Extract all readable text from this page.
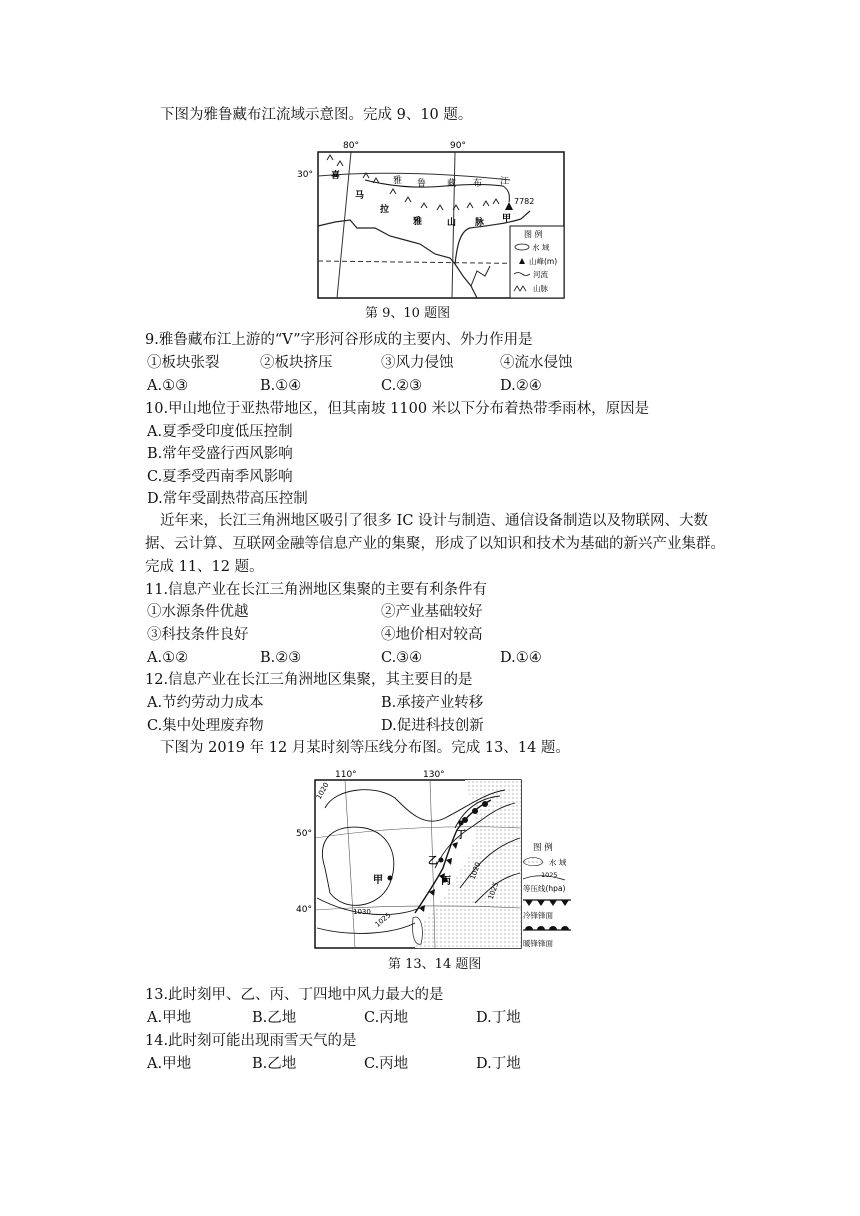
下图为雅鲁藏布江流域示意图。完成 9、10 题。
80°	90°
30°
雅 鲁 藏 布 江
喜
马
拉
雅	山 脉
7782
甲
图 例
水 域
山峰(m)
河流
山脉
第 9、10 题图
9.雅鲁藏布江上游的“V”字形河谷形成的主要内、外力作用是
①板块张裂	②板块挤压	③风力侵蚀	④流水侵蚀
A.①③	B.①④	C.②③	D.②④
10.甲山地位于亚热带地区，但其南坡 1100 米以下分布着热带季雨林，原因是
A.夏季受印度低压控制
B.常年受盛行西风影响
C.夏季受西南季风影响
D.常年受副热带高压控制
近年来，长江三角洲地区吸引了很多 IC 设计与制造、通信设备制造以及物联网、大数
据、云计算、互联网金融等信息产业的集聚，形成了以知识和技术为基础的新兴产业集群。
完成 11、12 题。
11.信息产业在长江三角洲地区集聚的主要有利条件有
①水源条件优越	②产业基础较好
③科技条件良好	④地价相对较高
A.①②	B.②③	C.③④	D.①④
12.信息产业在长江三角洲地区集聚，其主要目的是
A.节约劳动力成本	B.承接产业转移
C.集中处理废弃物	D.促进科技创新
下图为 2019 年 12 月某时刻等压线分布图。完成 13、14 题。
110°	130°
50°
40°
1020
1030 1025
1020
1025
甲
乙
丙
丁
图 例
水 域
1025
等压线(hpa)
冷锋锋面
暖锋锋面
第 13、14 题图
13.此时刻甲、乙、丙、丁四地中风力最大的是
A.甲地	B.乙地	C.丙地	D.丁地
14.此时刻可能出现雨雪天气的是
A.甲地	B.乙地	C.丙地	D.丁地
